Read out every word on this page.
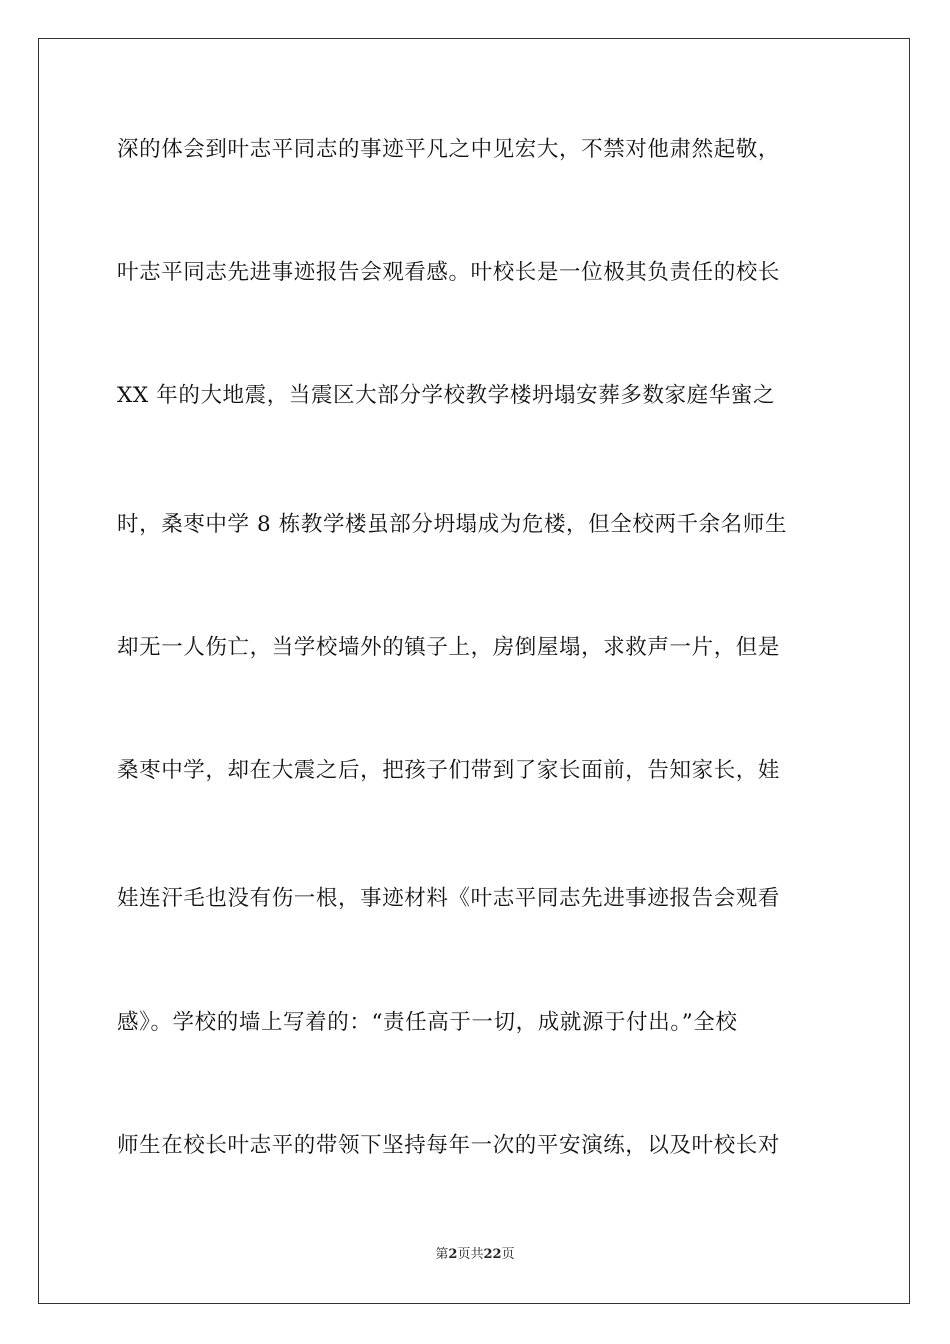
深的体会到叶志平同志的事迹平凡之中见宏大，不禁对他肃然起敬，
叶志平同志先进事迹报告会观看感。叶校长是一位极其负责任的校长
XX 年的大地震，当震区大部分学校教学楼坍塌安葬多数家庭华蜜之
时，桑枣中学 8 栋教学楼虽部分坍塌成为危楼，但全校两千余名师生
却无一人伤亡，当学校墙外的镇子上，房倒屋塌，求救声一片，但是
桑枣中学，却在大震之后，把孩子们带到了家长面前，告知家长，娃
娃连汗毛也没有伤一根，事迹材料《叶志平同志先进事迹报告会观看
感》。学校的墙上写着的：“责任高于一切，成就源于付出。”全校
师生在校长叶志平的带领下坚持每年一次的平安演练，以及叶校长对
第2页共22页
